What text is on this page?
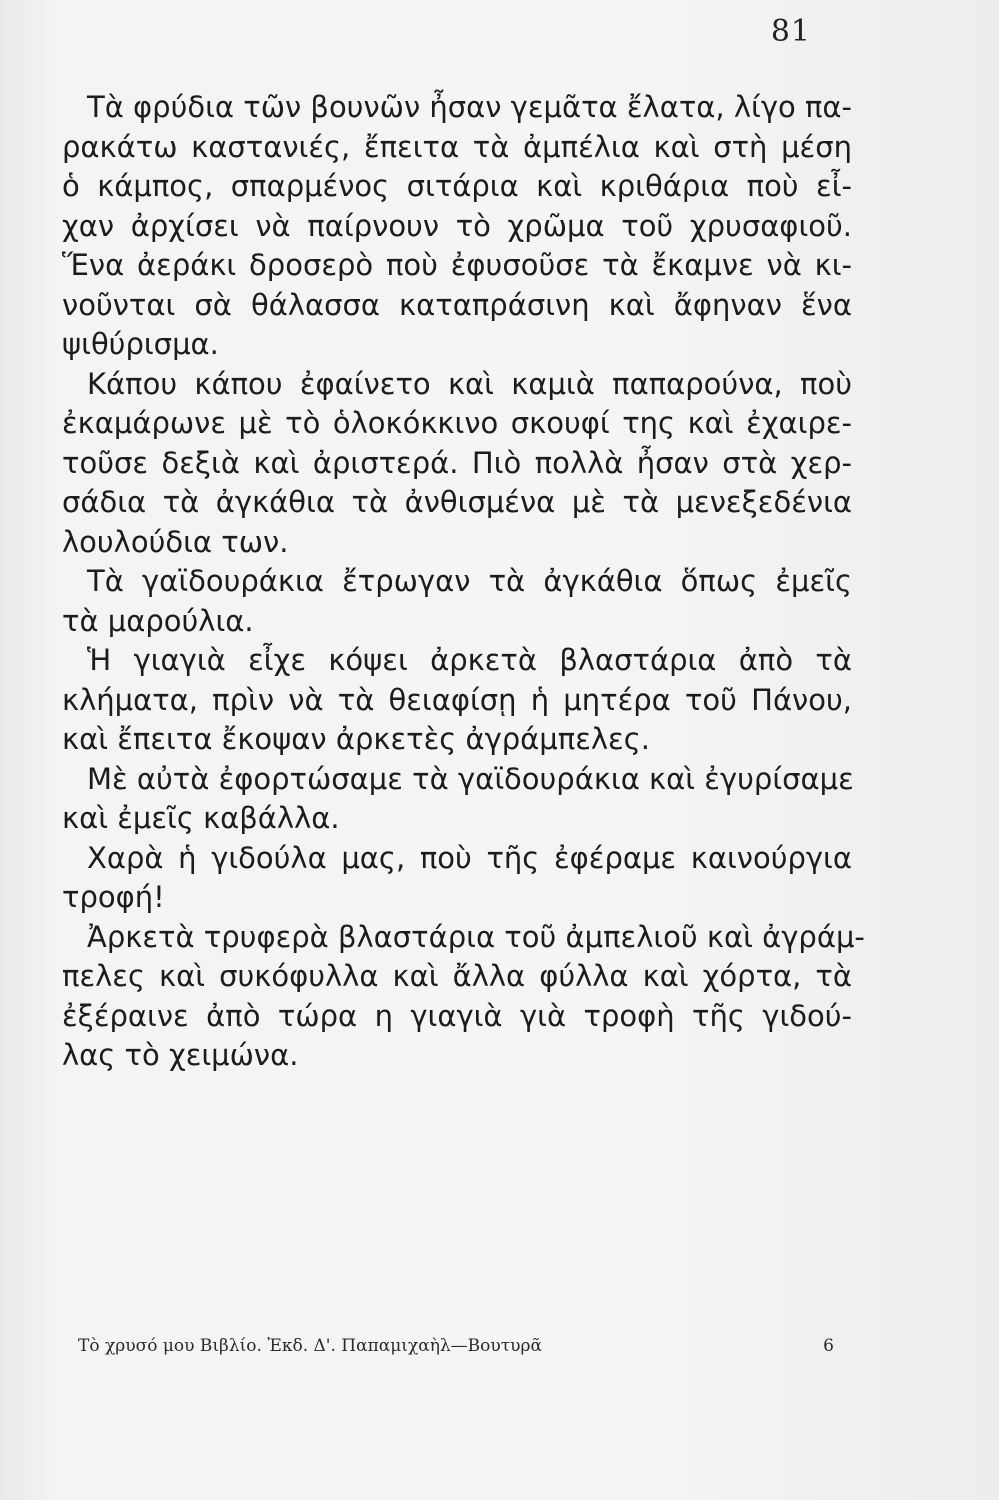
81
Τὰ φρύδια τῶν βουνῶν ἦσαν γεμᾶτα ἔλατα, λίγο πα-
ρακάτω καστανιές, ἔπειτα τὰ ἀμπέλια καὶ στὴ μέση
ὁ κάμπος, σπαρμένος σιτάρια καὶ κριθάρια ποὺ εἶ-
χαν ἀρχίσει νὰ παίρνουν τὸ χρῶμα τοῦ χρυσαφιοῦ.
Ἕνα ἀεράκι δροσερὸ ποὺ ἐφυσοῦσε τὰ ἔκαμνε νὰ κι-
νοῦνται σὰ θάλασσα καταπράσινη καὶ ἄφηναν ἕνα
ψιθύρισμα.
Κάπου κάπου ἐφαίνετο καὶ καμιὰ παπαρούνα, ποὺ
ἐκαμάρωνε μὲ τὸ ὁλοκόκκινο σκουφί της καὶ ἐχαιρε-
τοῦσε δεξιὰ καὶ ἀριστερά. Πιὸ πολλὰ ἦσαν στὰ χερ-
σάδια τὰ ἀγκάθια τὰ ἀνθισμένα μὲ τὰ μενεξεδένια
λουλούδια των.
Τὰ γαϊδουράκια ἔτρωγαν τὰ ἀγκάθια ὅπως ἐμεῖς
τὰ μαρούλια.
Ἡ γιαγιὰ εἶχε κόψει ἀρκετὰ βλαστάρια ἀπὸ τὰ
κλήματα, πρὶν νὰ τὰ θειαφίσῃ ἡ μητέρα τοῦ Πάνου,
καὶ ἔπειτα ἔκοψαν ἀρκετὲς ἀγράμπελες.
Μὲ αὐτὰ ἐφορτώσαμε τὰ γαϊδουράκια καὶ ἐγυρίσαμε
καὶ ἐμεῖς καβάλλα.
Χαρὰ ἡ γιδούλα μας, ποὺ τῆς ἐφέραμε καινούργια
τροφή!
Ἀρκετὰ τρυφερὰ βλαστάρια τοῦ ἀμπελιοῦ καὶ ἀγράμ-
πελες καὶ συκόφυλλα καὶ ἄλλα φύλλα καὶ χόρτα, τὰ
ἐξέραινε ἀπὸ τώρα η γιαγιὰ γιὰ τροφὴ τῆς γιδού-
λας τὸ χειμώνα.
Τὸ χρυσό μου Βιβλίο. Ἐκδ. Δ'. Παπαμιχαὴλ—Βουτυρᾶ	6
